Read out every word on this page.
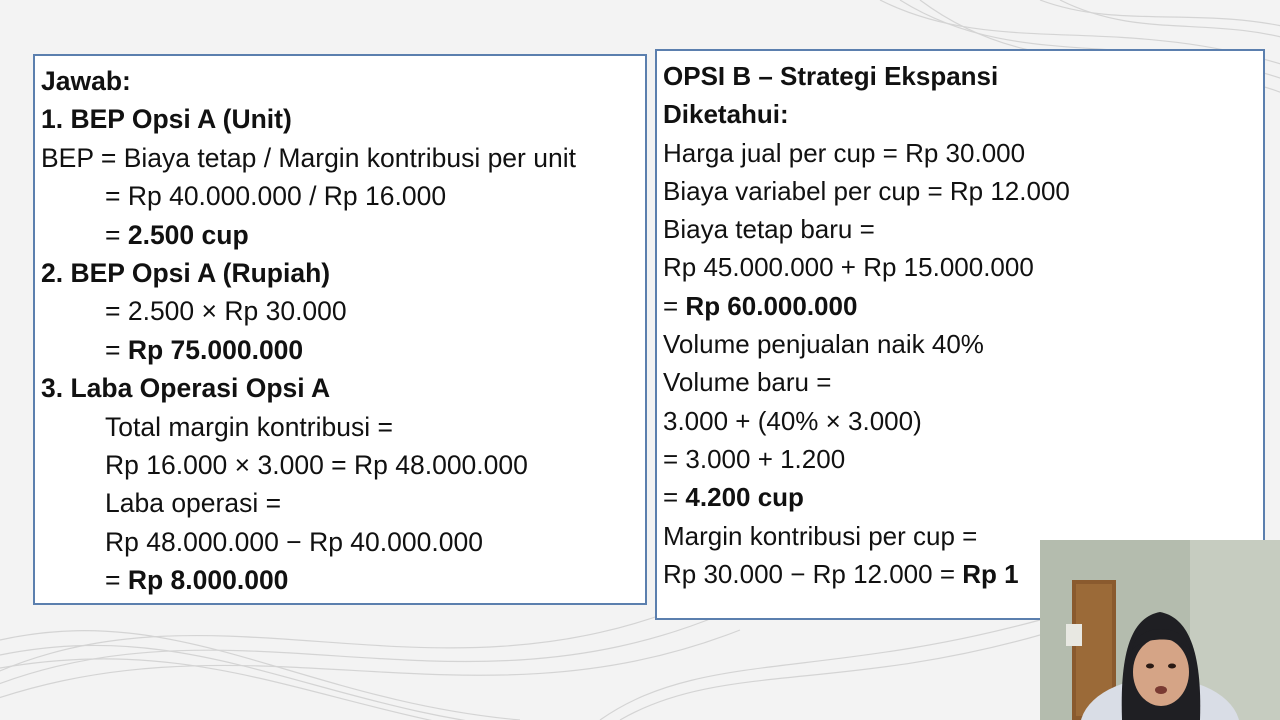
Jawab:
1. BEP Opsi A (Unit)
BEP = Biaya tetap / Margin kontribusi per unit
= Rp 40.000.000 / Rp 16.000
= 2.500 cup
2. BEP Opsi A (Rupiah)
= 2.500 × Rp 30.000
= Rp 75.000.000
3. Laba Operasi Opsi A
Total margin kontribusi =
Rp 16.000 × 3.000 = Rp 48.000.000
Laba operasi =
Rp 48.000.000 − Rp 40.000.000
= Rp 8.000.000
OPSI B – Strategi Ekspansi
Diketahui:
Harga jual per cup = Rp 30.000
Biaya variabel per cup = Rp 12.000
Biaya tetap baru =
Rp 45.000.000 + Rp 15.000.000
= Rp 60.000.000
Volume penjualan naik 40%
Volume baru =
3.000 + (40% × 3.000)
= 3.000 + 1.200
= 4.200 cup
Margin kontribusi per cup =
Rp 30.000 − Rp 12.000 = Rp 1
